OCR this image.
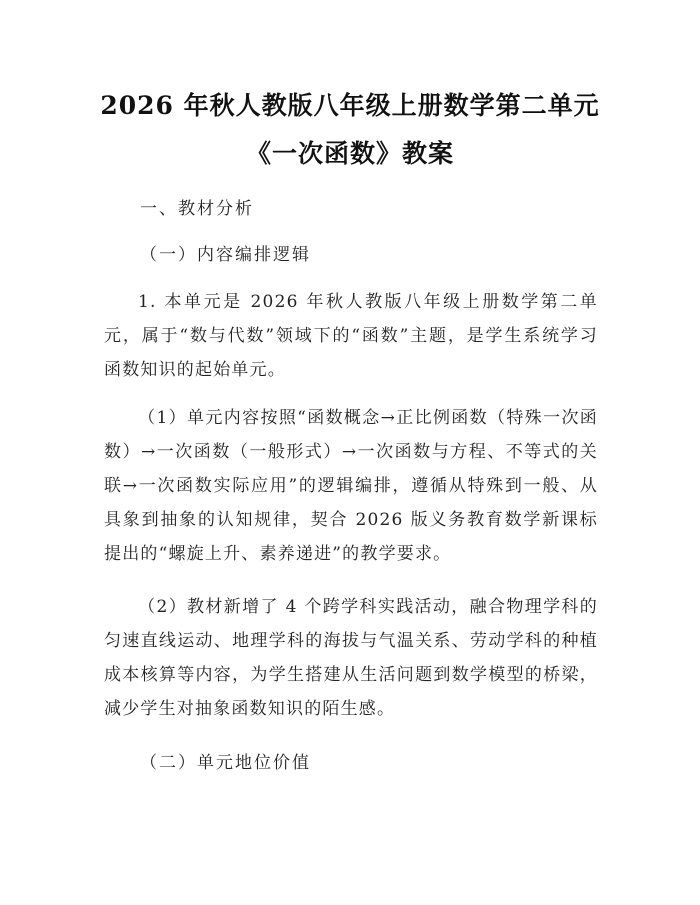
2026 年秋人教版八年级上册数学第二单元
《一次函数》教案
一、教材分析
（一）内容编排逻辑
1. 本单元是 2026 年秋人教版八年级上册数学第二单元，属于“数与代数”领域下的“函数”主题，是学生系统学习函数知识的起始单元。
（1）单元内容按照“函数概念→正比例函数（特殊一次函数）→一次函数（一般形式）→一次函数与方程、不等式的关联→一次函数实际应用”的逻辑编排，遵循从特殊到一般、从具象到抽象的认知规律，契合 2026 版义务教育数学新课标提出的“螺旋上升、素养递进”的教学要求。
（2）教材新增了 4 个跨学科实践活动，融合物理学科的匀速直线运动、地理学科的海拔与气温关系、劳动学科的种植成本核算等内容，为学生搭建从生活问题到数学模型的桥梁，减少学生对抽象函数知识的陌生感。
（二）单元地位价值
